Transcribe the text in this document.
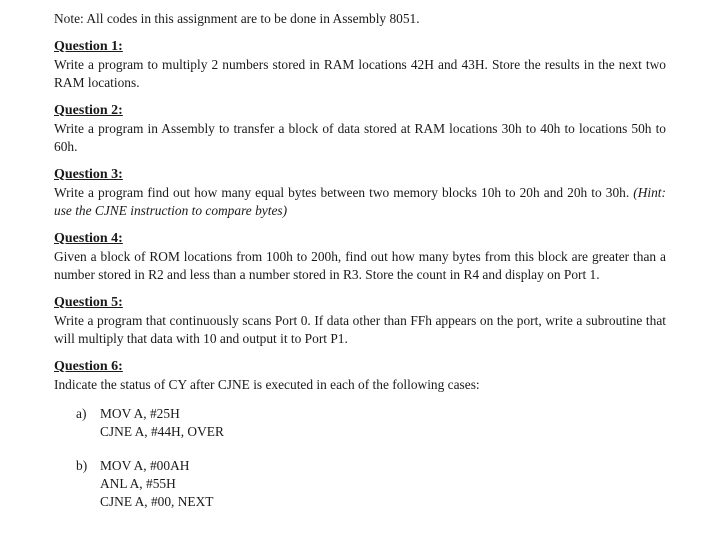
Note: All codes in this assignment are to be done in Assembly 8051.
Question 1:
Write a program to multiply 2 numbers stored in RAM locations 42H and 43H. Store the results in the next two RAM locations.
Question 2:
Write a program in Assembly to transfer a block of data stored at RAM locations 30h to 40h to locations 50h to 60h.
Question 3:
Write a program find out how many equal bytes between two memory blocks 10h to 20h and 20h to 30h. (Hint: use the CJNE instruction to compare bytes)
Question 4:
Given a block of ROM locations from 100h to 200h, find out how many bytes from this block are greater than a number stored in R2 and less than a number stored in R3. Store the count in R4 and display on Port 1.
Question 5:
Write a program that continuously scans Port 0. If data other than FFh appears on the port, write a subroutine that will multiply that data with 10 and output it to Port P1.
Question 6:
Indicate the status of CY after CJNE is executed in each of the following cases:
a)	MOV A, #25H
CJNE A, #44H, OVER
b) MOV A, #00AH
ANL A, #55H
CJNE A, #00, NEXT
